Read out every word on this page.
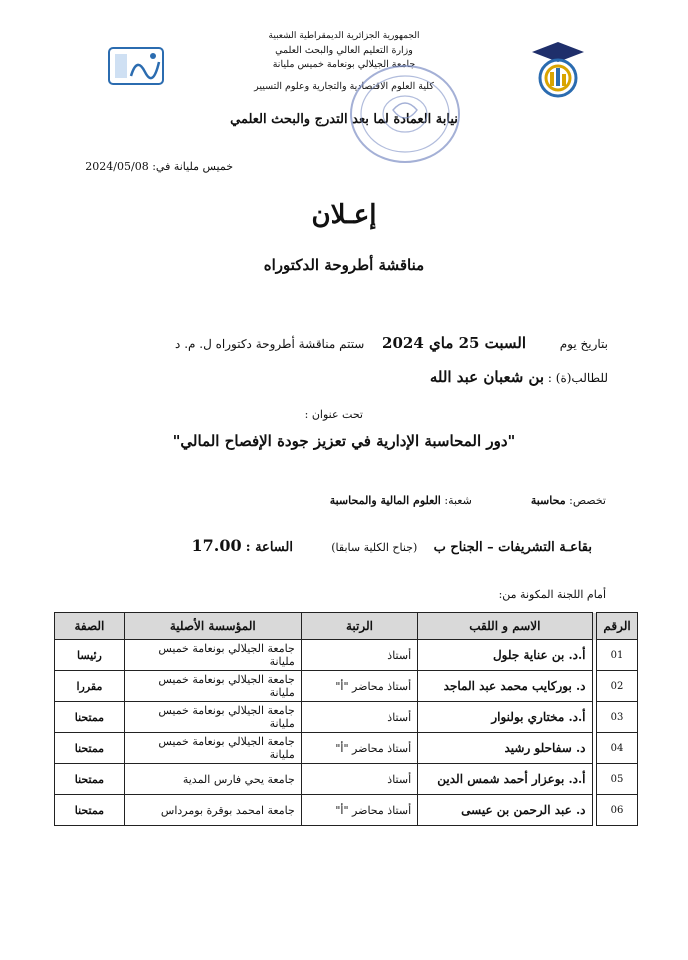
الجمهورية الجزائرية الديمقراطية الشعبية
وزارة التعليم العالي والبحث العلمي
جامعة الجيلالي بونعامة خميس مليانة
كلية العلوم الاقتصادية والتجارية وعلوم التسيير
نيابة العمادة لما بعد التدرج والبحث العلمي
خميس مليانة في: 2024/05/08
إعـلان
مناقشة أطروحة الدكتوراه
بتاريخ يوم  السبت 25 ماي 2024  ستتم مناقشة أطروحة دكتوراه ل. م. د
للطالب(ة) : بن شعبان عبد الله
تحت عنوان :
"دور المحاسبة الإدارية في تعزيز جودة الإفصاح المالي"
تخصص: محاسبة  شعبة: العلوم المالية والمحاسبة
بقاعـة التشريفات – الجناح ب  (جناح الكلية سابقا)  الساعة : 17.00
أمام اللجنة المكونة من:
الرقم		الاسم و اللقب	الرتبة	المؤسسة الأصلية	الصفة
01		أ.د. بن عناية جلول	أستاذ	جامعة الجيلالي بونعامة خميس مليانة	رئيسا
02		د. بوركايب محمد عبد الماجد	أستاذ محاضر "أ"	جامعة الجيلالي بونعامة خميس مليانة	مقررا
03		أ.د. مختاري بولنوار	أستاذ	جامعة الجيلالي بونعامة خميس مليانة	ممتحنا
04		د. سفاحلو رشيد	أستاذ محاضر "أ"	جامعة الجيلالي بونعامة خميس مليانة	ممتحنا
05		أ.د. بوعزار أحمد شمس الدين	أستاذ	جامعة يحي فارس المدية	ممتحنا
06		د. عبد الرحمن بن عيسى	أستاذ محاضر "أ"	جامعة امحمد بوقرة بومرداس	ممتحنا
